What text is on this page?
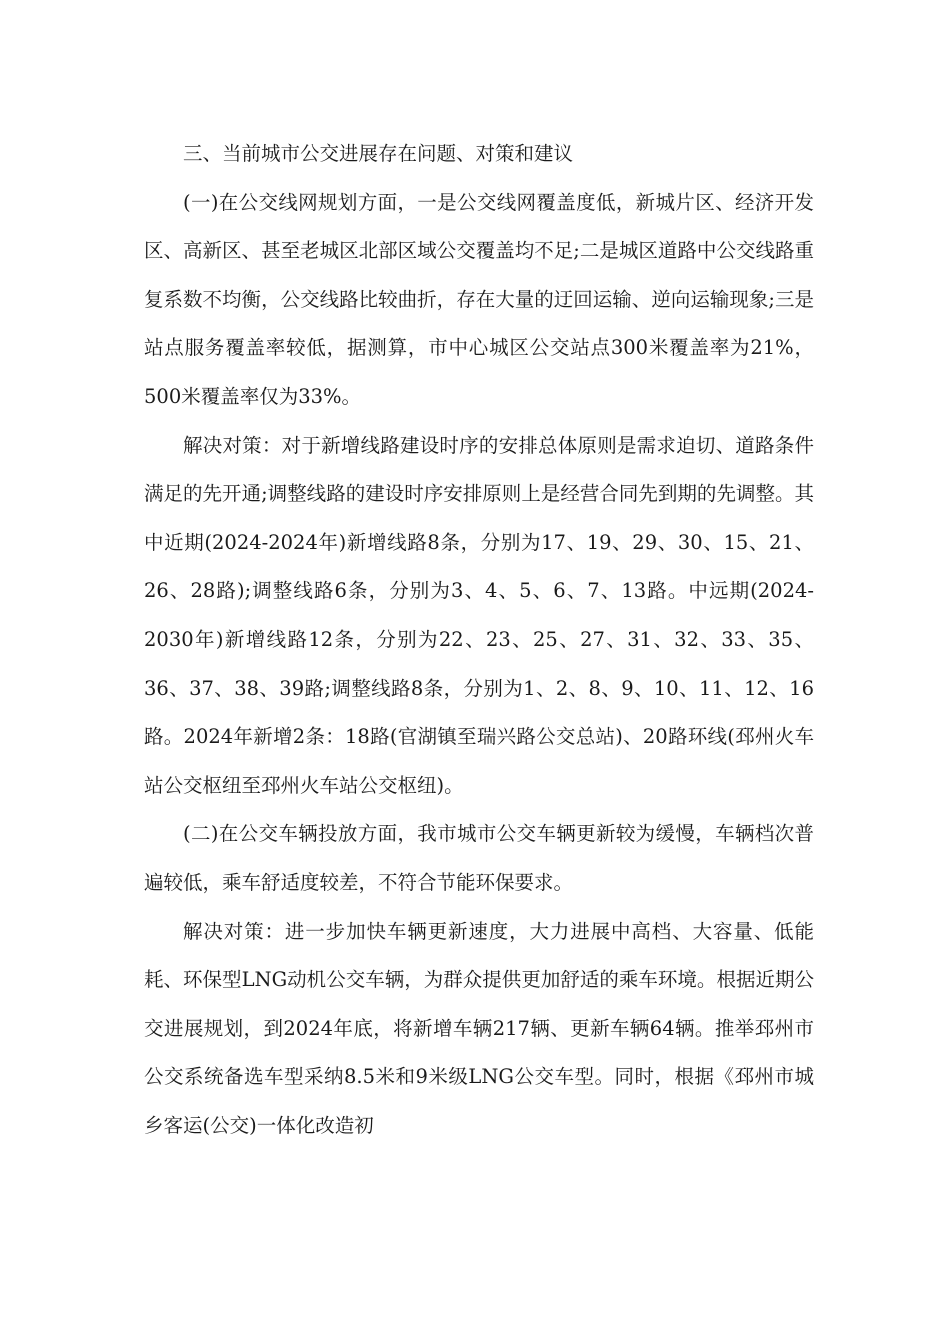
三、当前城市公交进展存在问题、对策和建议

(一)在公交线网规划方面，一是公交线网覆盖度低，新城片区、经济开发区、高新区、甚至老城区北部区域公交覆盖均不足;二是城区道路中公交线路重复系数不均衡，公交线路比较曲折，存在大量的迂回运输、逆向运输现象;三是站点服务覆盖率较低，据测算，市中心城区公交站点300米覆盖率为21%，500米覆盖率仅为33%。

解决对策：对于新增线路建设时序的安排总体原则是需求迫切、道路条件满足的先开通;调整线路的建设时序安排原则上是经营合同先到期的先调整。其中近期(2024-2024年)新增线路8条，分别为17、19、29、30、15、21、26、28路);调整线路6条，分别为3、4、5、6、7、13路。中远期(2024-2030年)新增线路12条，分别为22、23、25、27、31、32、33、35、36、37、38、39路;调整线路8条，分别为1、2、8、9、10、11、12、16路。2024年新增2条：18路(官湖镇至瑞兴路公交总站)、20路环线(邳州火车站公交枢纽至邳州火车站公交枢纽)。

(二)在公交车辆投放方面，我市城市公交车辆更新较为缓慢，车辆档次普遍较低，乘车舒适度较差，不符合节能环保要求。

解决对策：进一步加快车辆更新速度，大力进展中高档、大容量、低能耗、环保型LNG动机公交车辆，为群众提供更加舒适的乘车环境。根据近期公交进展规划，到2024年底，将新增车辆217辆、更新车辆64辆。推举邳州市公交系统备选车型采纳8.5米和9米级LNG公交车型。同时，根据《邳州市城乡客运(公交)一体化改造初
